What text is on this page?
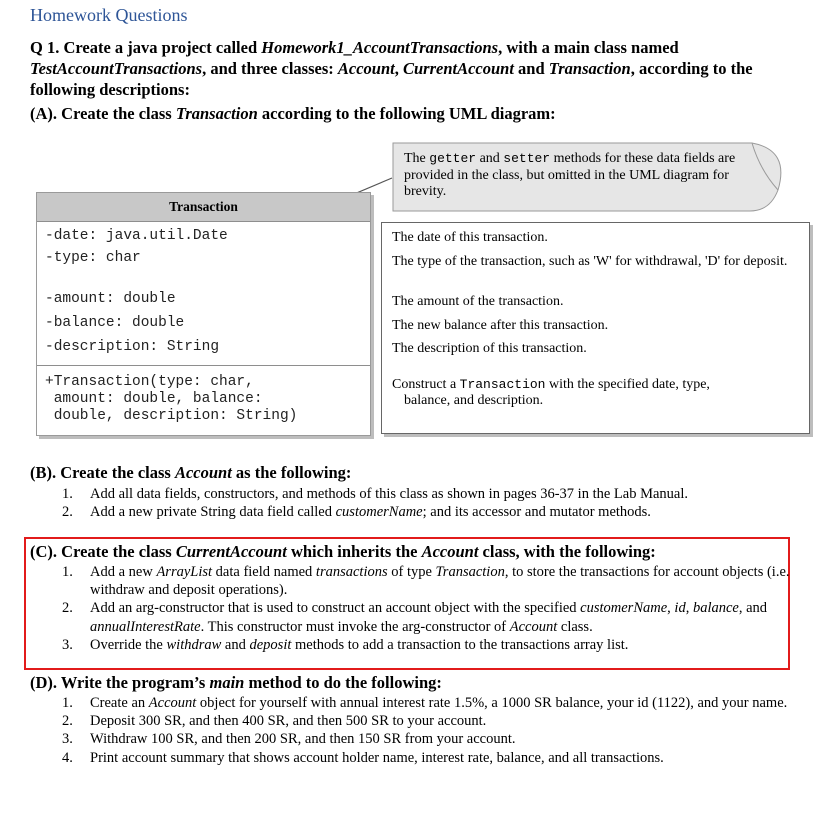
Homework Questions
Q 1. Create a java project called Homework1_AccountTransactions, with a main class named TestAccountTransactions, and three classes: Account, CurrentAccount and Transaction, according to the following descriptions:
(A). Create the class Transaction according to the following UML diagram:
The getter and setter methods for these data fields are provided in the class, but omitted in the UML diagram for brevity.
Transaction
-date: java.util.Date
-type: char
-amount: double
-balance: double
-description: String
+Transaction(type: char,
amount: double, balance:
double, description: String)
The date of this transaction.
The type of the transaction, such as 'W' for withdrawal, 'D' for deposit.
The amount of the transaction.
The new balance after this transaction.
The description of this transaction.
Construct a Transaction with the specified date, type, balance, and description.
(B). Create the class Account as the following:
1. Add all data fields, constructors, and methods of this class as shown in pages 36-37 in the Lab Manual.
2. Add a new private String data field called customerName; and its accessor and mutator methods.
(C). Create the class CurrentAccount which inherits the Account class, with the following:
1. Add a new ArrayList data field named transactions of type Transaction, to store the transactions for account objects (i.e. withdraw and deposit operations).
2. Add an arg-constructor that is used to construct an account object with the specified customerName, id, balance, and annualInterestRate. This constructor must invoke the arg-constructor of Account class.
3. Override the withdraw and deposit methods to add a transaction to the transactions array list.
(D). Write the program’s main method to do the following:
1. Create an Account object for yourself with annual interest rate 1.5%, a 1000 SR balance, your id (1122), and your name.
2. Deposit 300 SR, and then 400 SR, and then 500 SR to your account.
3. Withdraw 100 SR, and then 200 SR, and then 150 SR from your account.
4. Print account summary that shows account holder name, interest rate, balance, and all transactions.
